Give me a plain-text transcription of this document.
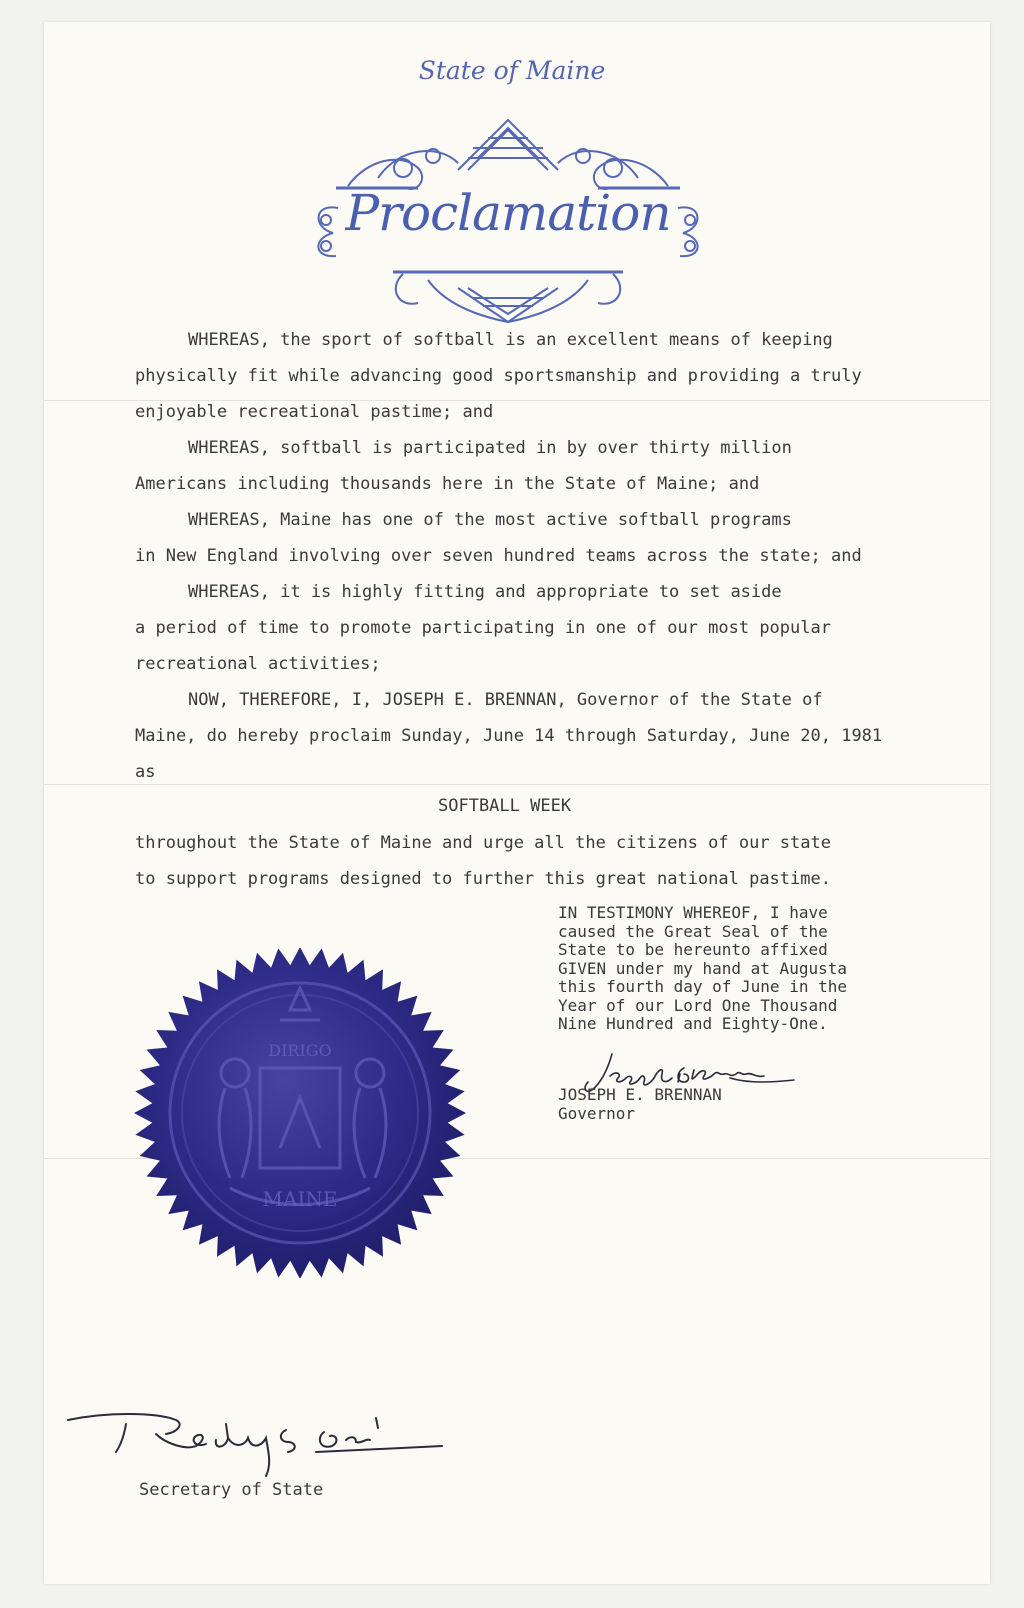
State of Maine
Proclamation
WHEREAS, the sport of softball is an excellent means of keeping
physically fit while advancing good sportsmanship and providing a truly
enjoyable recreational pastime; and
WHEREAS, softball is participated in by over thirty million
Americans including thousands here in the State of Maine; and
WHEREAS, Maine has one of the most active softball programs
in New England involving over seven hundred teams across the state; and
WHEREAS, it is highly fitting and appropriate to set aside
a period of time to promote participating in one of our most popular
recreational activities;
NOW, THEREFORE, I, JOSEPH E. BRENNAN, Governor of the State of
Maine, do hereby proclaim Sunday, June 14 through Saturday, June 20, 1981
as
SOFTBALL WEEK
throughout the State of Maine and urge all the citizens of our state
to support programs designed to further this great national pastime.
IN TESTIMONY WHEREOF, I have
caused the Great Seal of the
State to be hereunto affixed
GIVEN under my hand at Augusta
this fourth day of June in the
Year of our Lord One Thousand
Nine Hundred and Eighty-One.
JOSEPH E. BRENNAN
Governor
DIRIGO
MAINE
Secretary of State
